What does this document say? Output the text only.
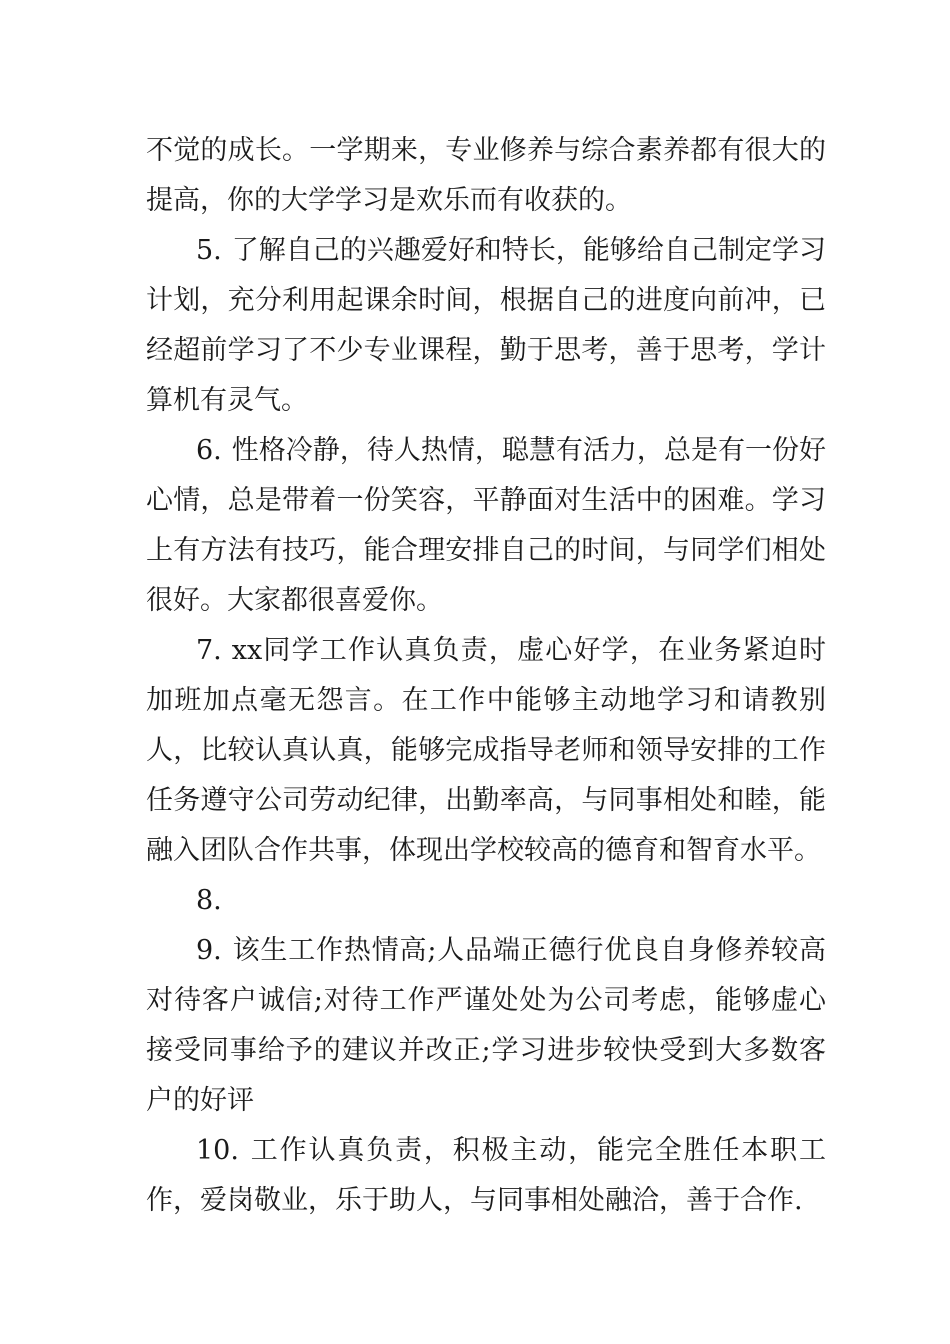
不觉的成长。一学期来，专业修养与综合素养都有很大的提高，你的大学学习是欢乐而有收获的。

5. 了解自己的兴趣爱好和特长，能够给自己制定学习计划，充分利用起课余时间，根据自己的进度向前冲，已经超前学习了不少专业课程，勤于思考，善于思考，学计算机有灵气。

6. 性格冷静，待人热情，聪慧有活力，总是有一份好心情，总是带着一份笑容，平静面对生活中的困难。学习上有方法有技巧，能合理安排自己的时间，与同学们相处很好。大家都很喜爱你。

7. xx同学工作认真负责，虚心好学，在业务紧迫时加班加点毫无怨言。在工作中能够主动地学习和请教别人，比较认真认真，能够完成指导老师和领导安排的工作任务遵守公司劳动纪律，出勤率高，与同事相处和睦，能融入团队合作共事，体现出学校较高的德育和智育水平。

8.

9. 该生工作热情高;人品端正德行优良自身修养较高对待客户诚信;对待工作严谨处处为公司考虑，能够虚心接受同事给予的建议并改正;学习进步较快受到大多数客户的好评

10. 工作认真负责，积极主动，能完全胜任本职工作，爱岗敬业，乐于助人，与同事相处融洽，善于合作.
